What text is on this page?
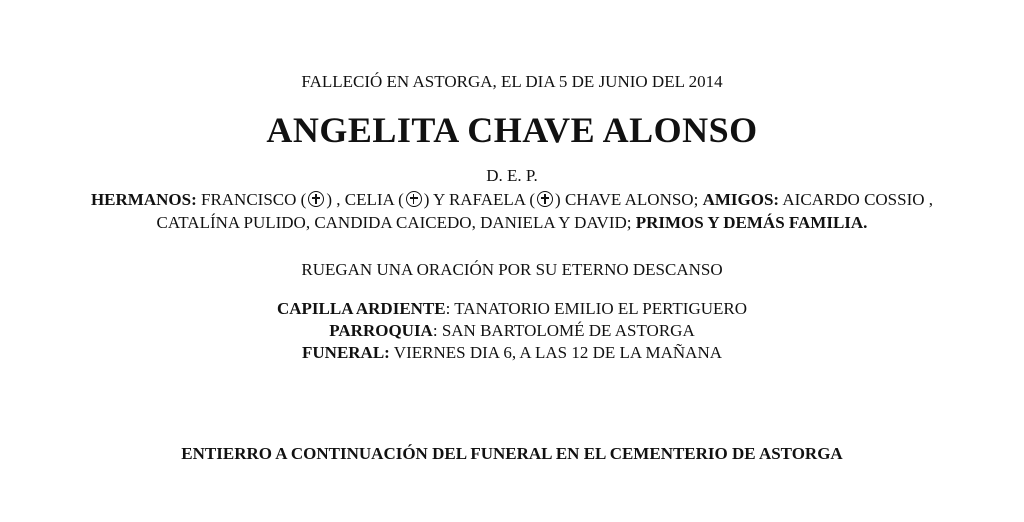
FALLECIÓ EN ASTORGA, EL DIA 5 DE JUNIO DEL 2014
ANGELITA CHAVE ALONSO
D. E. P.
HERMANOS: FRANCISCO ( ) , CELIA ( ) Y RAFAELA ( ) CHAVE ALONSO; AMIGOS: AICARDO COSSIO ,
CATALÍNA PULIDO, CANDIDA CAICEDO, DANIELA Y DAVID; PRIMOS Y DEMÁS FAMILIA.
RUEGAN UNA ORACIÓN POR SU ETERNO DESCANSO
CAPILLA ARDIENTE: TANATORIO EMILIO EL PERTIGUERO
PARROQUIA: SAN BARTOLOMÉ DE ASTORGA
FUNERAL: VIERNES DIA 6, A LAS 12 DE LA MAÑANA
ENTIERRO A CONTINUACIÓN DEL FUNERAL EN EL CEMENTERIO DE ASTORGA
